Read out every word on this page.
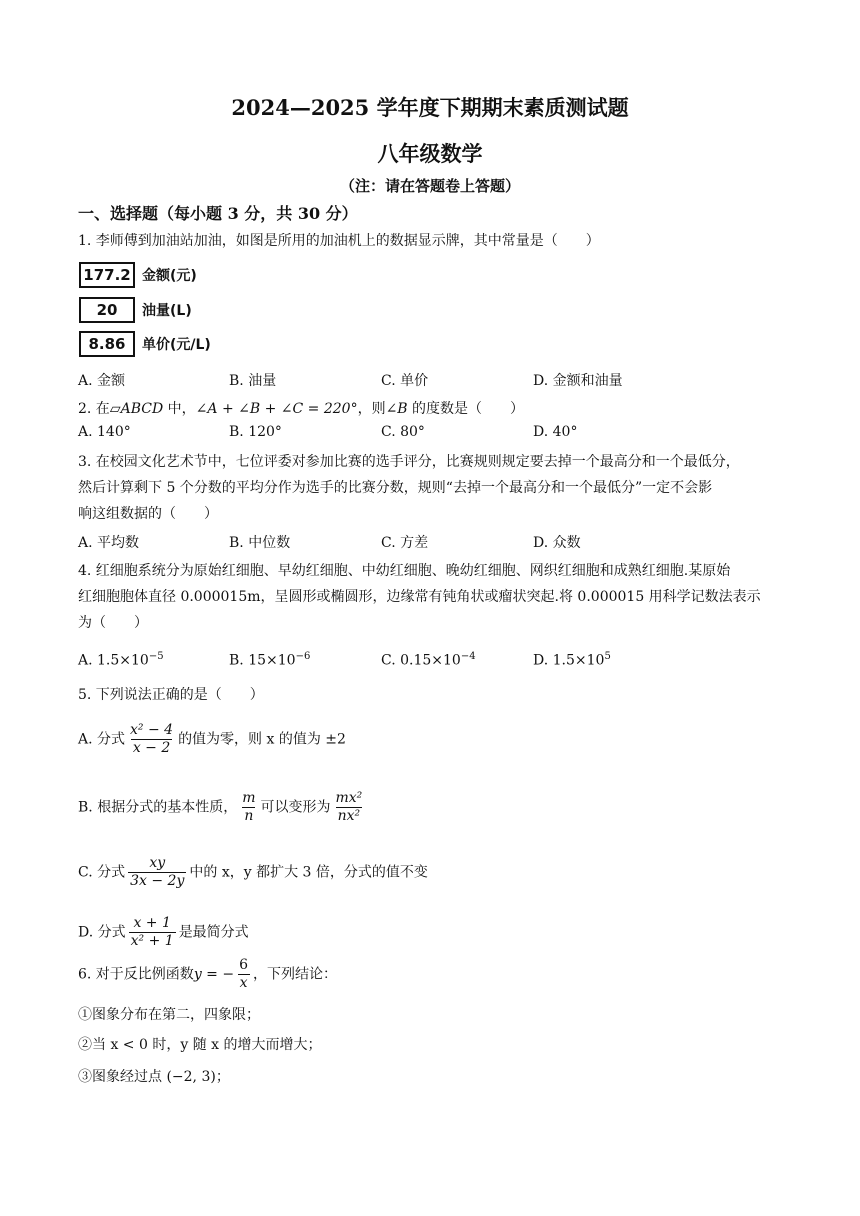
2024—2025 学年度下期期末素质测试题
八年级数学
（注：请在答题卷上答题）
一、选择题（每小题 3 分，共 30 分）
1. 李师傅到加油站加油，如图是所用的加油机上的数据显示牌，其中常量是（　　）
177.2 金额(元)
20	油量(L)
8.86	单价(元/L)
A. 金额	B. 油量	C. 单价	D. 金额和油量
2. 在▱ABCD 中，∠A + ∠B + ∠C = 220°，则∠B 的度数是（　　）
A. 140°	B. 120°	C. 80°	D. 40°
3. 在校园文化艺术节中，七位评委对参加比赛的选手评分，比赛规则规定要去掉一个最高分和一个最低分，
然后计算剩下 5 个分数的平均分作为选手的比赛分数，规则“去掉一个最高分和一个最低分”一定不会影
响这组数据的（　　）
A. 平均数	B. 中位数	C. 方差	D. 众数
4. 红细胞系统分为原始红细胞、早幼红细胞、中幼红细胞、晚幼红细胞、网织红细胞和成熟红细胞.某原始
红细胞胞体直径 0.000015m，呈圆形或椭圆形，边缘常有钝角状或瘤状突起.将 0.000015 用科学记数法表示
为（　　）
A. $1.5\times 10^{-5}$	B. $15\times 10^{-6}$	C. $0.15\times 10^{-4}$	D. $1.5\times 10^5$
5. 下列说法正确的是（　　）
A. 分式 $\frac{\text{x² − 4}}{x - 2}$ 的值为零，则 x 的值为 ±2
B. 根据分式的基本性质， $\frac{m}{n}$ 可以变形为 $\frac{\text{mx²}}{\text{nx²}}$
C. 分式 $\frac{xy}{3x - 2y}$ 中的 x，y 都扩大 3 倍，分式的值不变
D. 分式 $\frac{x + 1}{\text{x² + 1}}$ 是最简分式
6. 对于反比例函数y = − $\frac{6}{x}$ ，下列结论：
①图象分布在第二，四象限；
②当 x < 0 时，y 随 x 的增大而增大；
③图象经过点 (−2, 3)；
